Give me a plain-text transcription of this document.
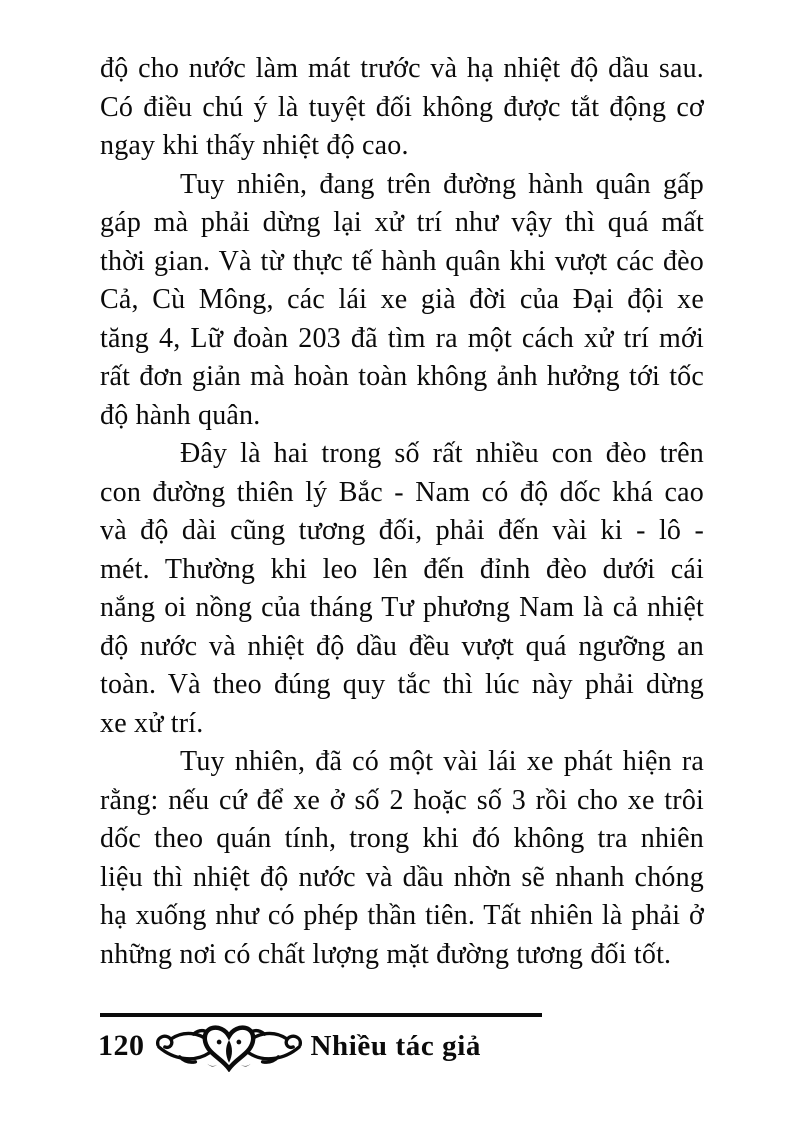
độ cho nước làm mát trước và hạ nhiệt độ dầu sau.
Có điều chú ý là tuyệt đối không được tắt động cơ
ngay khi thấy nhiệt độ cao.
Tuy nhiên, đang trên đường hành quân gấp
gáp mà phải dừng lại xử trí như vậy thì quá mất
thời gian. Và từ thực tế hành quân khi vượt các đèo
Cả, Cù Mông, các lái xe già đời của Đại đội xe
tăng 4, Lữ đoàn 203 đã tìm ra một cách xử trí mới
rất đơn giản mà hoàn toàn không ảnh hưởng tới tốc
độ hành quân.
Đây là hai trong số rất nhiều con đèo trên
con đường thiên lý Bắc - Nam có độ dốc khá cao
và độ dài cũng tương đối, phải đến vài ki - lô -
mét. Thường khi leo lên đến đỉnh đèo dưới cái
nắng oi nồng của tháng Tư phương Nam là cả nhiệt
độ nước và nhiệt độ dầu đều vượt quá ngưỡng an
toàn. Và theo đúng quy tắc thì lúc này phải dừng
xe xử trí.
Tuy nhiên, đã có một vài lái xe phát hiện ra
rằng: nếu cứ để xe ở số 2 hoặc số 3 rồi cho xe trôi
dốc theo quán tính, trong khi đó không tra nhiên
liệu thì nhiệt độ nước và dầu nhờn sẽ nhanh chóng
hạ xuống như có phép thần tiên. Tất nhiên là phải ở
những nơi có chất lượng mặt đường tương đối tốt.
120	Nhiều tác giả
